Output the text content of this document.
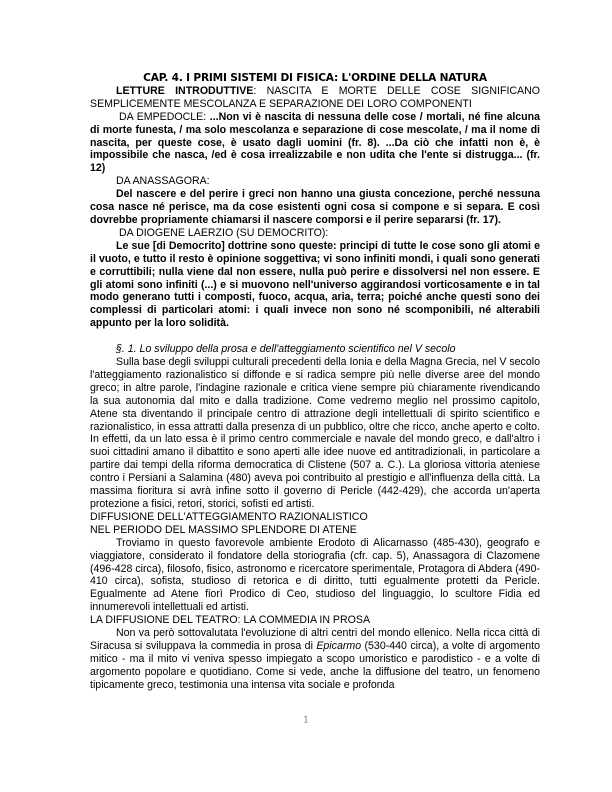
CAP. 4. I PRIMI SISTEMI DI FISICA: L'ORDINE DELLA NATURA

LETTURE INTRODUTTIVE: NASCITA E MORTE DELLE COSE SIGNIFICANO SEMPLICEMENTE MESCOLANZA E SEPARAZIONE DEI LORO COMPONENTI

DA EMPEDOCLE: ...Non vi è nascita di nessuna delle cose / mortali, né fine alcuna di morte funesta, / ma solo mescolanza e separazione di cose mescolate, / ma il nome di nascita, per queste cose, è usato dagli uomini (fr. 8). ...Da ciò che infatti non è, è impossibile che nasca, /ed è cosa irrealizzabile e non udita che l'ente si distrugga... (fr. 12)

DA ANASSAGORA:

Del nascere e del perire i greci non hanno una giusta concezione, perché nessuna cosa nasce né perisce, ma da cose esistenti ogni cosa si compone e si separa. E così dovrebbe propriamente chiamarsi il nascere comporsi e il perire separarsi (fr. 17).

DA DIOGENE LAERZIO (SU DEMOCRITO):

Le sue [di Democrito] dottrine sono queste: principi di tutte le cose sono gli atomi e il vuoto, e tutto il resto è opinione soggettiva; vi sono infiniti mondi, i quali sono generati e corruttibili; nulla viene dal non essere, nulla può perire e dissolversi nel non essere. E gli atomi sono infiniti (...) e si muovono nell'universo aggirandosi vorticosamente e in tal modo generano tutti i composti, fuoco, acqua, aria, terra; poiché anche questi sono dei complessi di particolari atomi: i quali invece non sono né scomponibili, né alterabili appunto per la loro solidità.

§. 1. Lo sviluppo della prosa e dell'atteggiamento scientifico nel V secolo

Sulla base degli sviluppi culturali precedenti della Ionia e della Magna Grecia, nel V secolo l'atteggiamento razionalistico si diffonde e si radica sempre più nelle diverse aree del mondo greco; in altre parole, l'indagine razionale e critica viene sempre più chiaramente rivendicando la sua autonomia dal mito e dalla tradizione. Come vedremo meglio nel prossimo capitolo, Atene sta diventando il principale centro di attrazione degli intellettuali di spirito scientifico e razionalistico, in essa attratti dalla presenza di un pubblico, oltre che ricco, anche aperto e colto. In effetti, da un lato essa è il primo centro commerciale e navale del mondo greco, e dall'altro i suoi cittadini amano il dibattito e sono aperti alle idee nuove ed antitradizionali, in particolare a partire dai tempi della riforma democratica di Clistene (507 a. C.). La gloriosa vittoria ateniese contro i Persiani a Salamina (480) aveva poi contribuito al prestigio e all'influenza della città. La massima fioritura si avrà infine sotto il governo di Pericle (442-429), che accorda un'aperta protezione a fisici, retori, storici, sofisti ed artisti.

DIFFUSIONE DELL'ATTEGGIAMENTO RAZIONALISTICO

NEL PERIODO DEL MASSIMO SPLENDORE DI ATENE

Troviamo in questo favorevole ambiente Erodoto di Alicarnasso (485-430), geografo e viaggiatore, considerato il fondatore della storiografia (cfr. cap. 5), Anassagora di Clazomene (496-428 circa), filosofo, fisico, astronomo e ricercatore sperimentale, Protagora di Abdera (490-410 circa), sofista, studioso di retorica e di diritto, tutti egualmente protetti da Pericle. Egualmente ad Atene fiorì Prodico di Ceo, studioso del linguaggio, lo scultore Fidia ed innumerevoli intellettuali ed artisti.

LA DIFFUSIONE DEL TEATRO: LA COMMEDIA IN PROSA

Non va però sottovalutata l'evoluzione di altri centri del mondo ellenico. Nella ricca città di Siracusa si sviluppava la commedia in prosa di Epicarmo (530-440 circa), a volte di argomento mitico - ma il mito vi veniva spesso impiegato a scopo umoristico e parodistico - e a volte di argomento popolare e quotidiano. Come si vede, anche la diffusione del teatro, un fenomeno tipicamente greco, testimonia una intensa vita sociale e profonda

1
